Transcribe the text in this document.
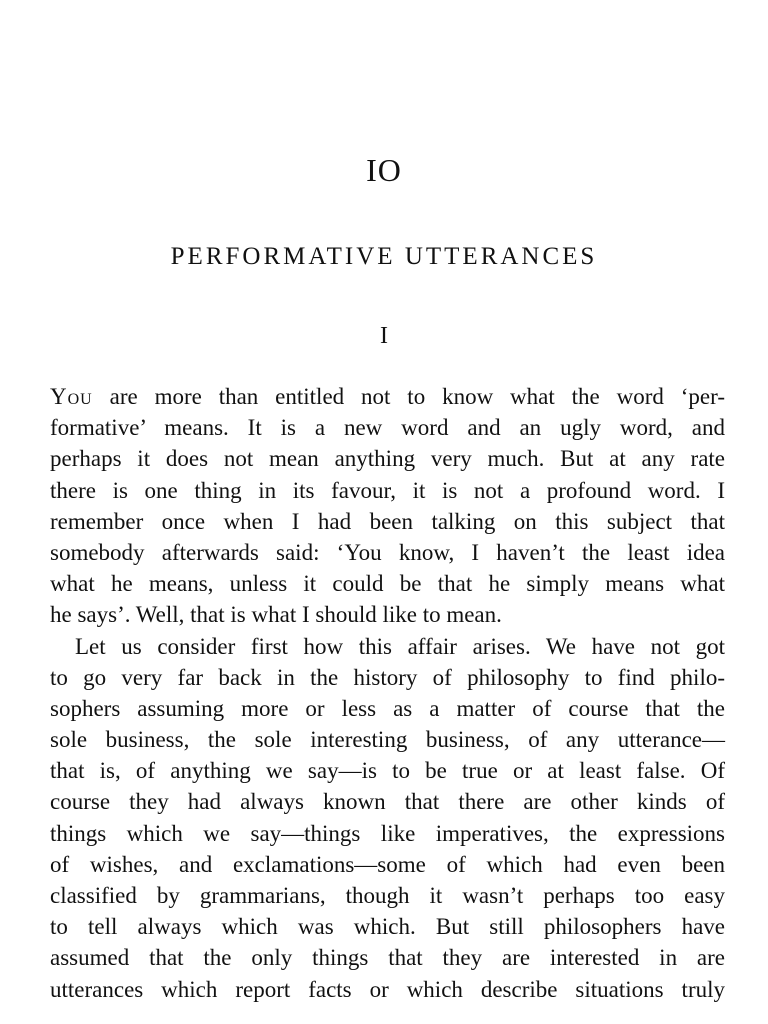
IO
PERFORMATIVE UTTERANCES
I
You are more than entitled not to know what the word ‘per-
formative’ means. It is a new word and an ugly word, and
perhaps it does not mean anything very much. But at any rate
there is one thing in its favour, it is not a profound word. I
remember once when I had been talking on this subject that
somebody afterwards said: ‘You know, I haven’t the least idea
what he means, unless it could be that he simply means what
he says’. Well, that is what I should like to mean.
Let us consider first how this affair arises. We have not got
to go very far back in the history of philosophy to find philo-
sophers assuming more or less as a matter of course that the
sole business, the sole interesting business, of any utterance—
that is, of anything we say—is to be true or at least false. Of
course they had always known that there are other kinds of
things which we say—things like imperatives, the expressions
of wishes, and exclamations—some of which had even been
classified by grammarians, though it wasn’t perhaps too easy
to tell always which was which. But still philosophers have
assumed that the only things that they are interested in are
utterances which report facts or which describe situations truly
